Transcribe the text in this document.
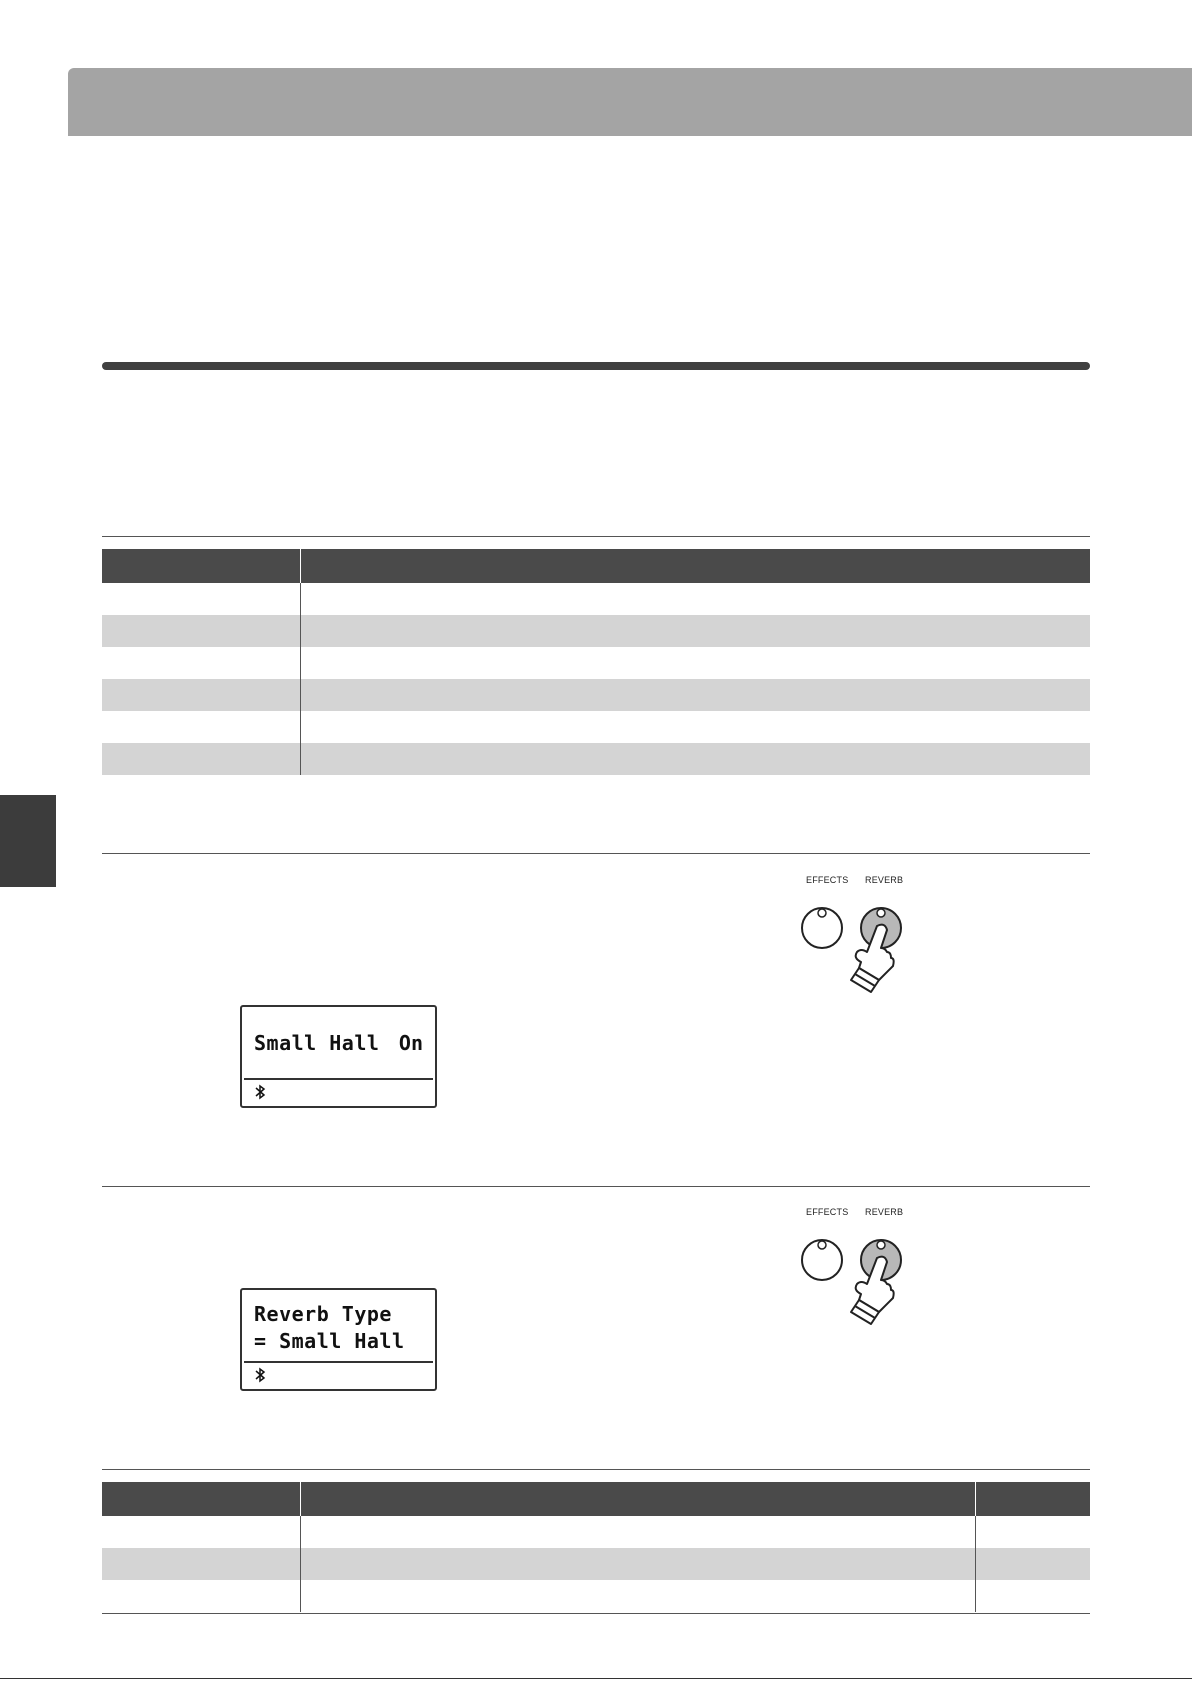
EFFECTS REVERB
Small Hall On
EFFECTS REVERB
Reverb Type
= Small Hall
